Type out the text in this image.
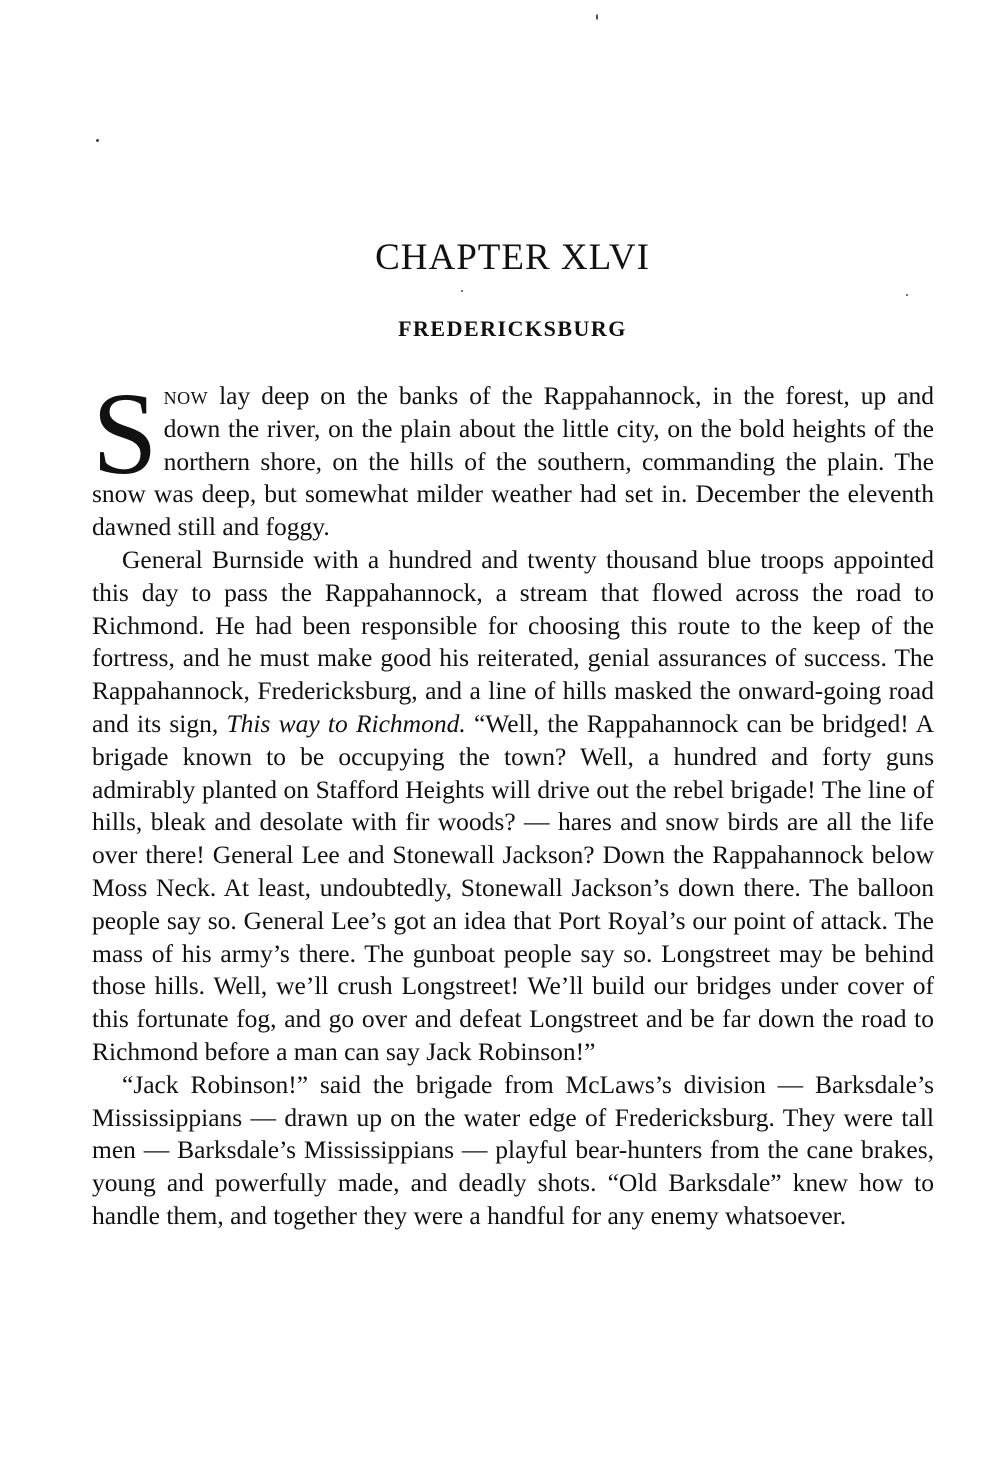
CHAPTER XLVI
FREDERICKSBURG

Snow lay deep on the banks of the Rappahannock, in the forest, up and down the river, on the plain about the little city, on the bold heights of the northern shore, on the hills of the southern, commanding the plain. The snow was deep, but somewhat milder weather had set in. December the eleventh dawned still and foggy.

General Burnside with a hundred and twenty thousand blue troops appointed this day to pass the Rappahannock, a stream that flowed across the road to Richmond. He had been responsible for choosing this route to the keep of the fortress, and he must make good his reiterated, genial assurances of success. The Rappahannock, Fredericksburg, and a line of hills masked the onward-going road and its sign, This way to Richmond. “Well, the Rappahannock can be bridged! A brigade known to be occupying the town? Well, a hundred and forty guns admirably planted on Stafford Heights will drive out the rebel brigade! The line of hills, bleak and desolate with fir woods? — hares and snow birds are all the life over there! General Lee and Stonewall Jackson? Down the Rappahannock below Moss Neck. At least, undoubtedly, Stonewall Jackson’s down there. The balloon people say so. General Lee’s got an idea that Port Royal’s our point of attack. The mass of his army’s there. The gunboat people say so. Longstreet may be behind those hills. Well, we’ll crush Longstreet! We’ll build our bridges under cover of this fortunate fog, and go over and defeat Longstreet and be far down the road to Richmond before a man can say Jack Robinson!”

“Jack Robinson!” said the brigade from McLaws’s division — Barksdale’s Mississippians — drawn up on the water edge of Fredericksburg. They were tall men — Barksdale’s Mississippians — playful bear-hunters from the cane brakes, young and powerfully made, and deadly shots. “Old Barksdale” knew how to handle them, and together they were a handful for any enemy whatsoever.
